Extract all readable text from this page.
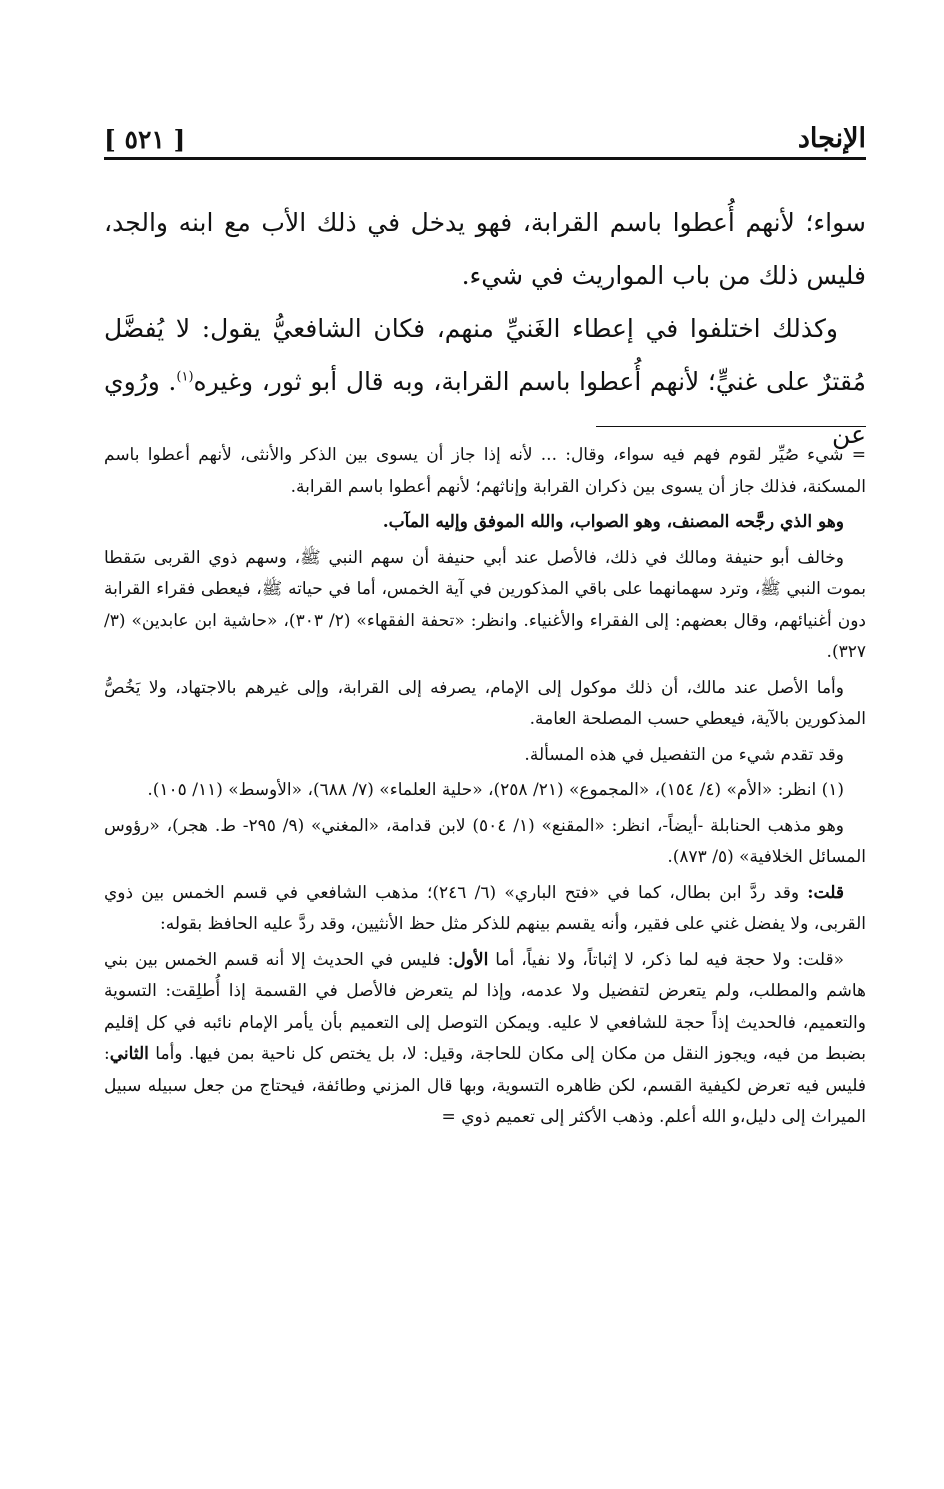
الإنجاد
[ ٥٢١ ]

سواء؛ لأنهم أُعطوا باسم القرابة، فهو يدخل في ذلك الأب مع ابنه والجد، فليس ذلك من باب المواريث في شيء.

وكذلك اختلفوا في إعطاء الغَنيِّ منهم، فكان الشافعيُّ يقول: لا يُفضَّل مُقترٌ على غنيٍّ؛ لأنهم أُعطوا باسم القرابة، وبه قال أبو ثور، وغيره$^{(١)}$. ورُوي عن

= شيء صُيِّر لقوم فهم فيه سواء، وقال: ... لأنه إذا جاز أن يسوى بين الذكر والأنثى، لأنهم أعطوا باسم المسكنة، فذلك جاز أن يسوى بين ذكران القرابة وإناثهم؛ لأنهم أعطوا باسم القرابة.

وهو الذي رجَّحه المصنف، وهو الصواب، والله الموفق وإليه المآب.

وخالف أبو حنيفة ومالك في ذلك، فالأصل عند أبي حنيفة أن سهم النبي ﷺ، وسهم ذوي القربى سَقطا بموت النبي ﷺ، وترد سهمانهما على باقي المذكورين في آية الخمس، أما في حياته ﷺ، فيعطى فقراء القرابة دون أغنيائهم، وقال بعضهم: إلى الفقراء والأغنياء. وانظر: «تحفة الفقهاء» (٢/ ٣٠٣)، «حاشية ابن عابدين» (٣/ ٣٢٧).

وأما الأصل عند مالك، أن ذلك موكول إلى الإمام، يصرفه إلى القرابة، وإلى غيرهم بالاجتهاد، ولا يَخُصُّ المذكورين بالآية، فيعطي حسب المصلحة العامة.

وقد تقدم شيء من التفصيل في هذه المسألة.

(١) انظر: «الأم» (٤/ ١٥٤)، «المجموع» (٢١/ ٢٥٨)، «حلية العلماء» (٧/ ٦٨٨)، «الأوسط» (١١/ ١٠٥).

وهو مذهب الحنابلة -أيضاً-، انظر: «المقنع» (١/ ٥٠٤) لابن قدامة، «المغني» (٩/ ٢٩٥- ط. هجر)، «رؤوس المسائل الخلافية» (٥/ ٨٧٣).

قلت: وقد ردَّ ابن بطال، كما في «فتح الباري» (٦/ ٢٤٦)؛ مذهب الشافعي في قسم الخمس بين ذوي القربى، ولا يفضل غني على فقير، وأنه يقسم بينهم للذكر مثل حظ الأنثيين، وقد ردَّ عليه الحافظ بقوله:

«قلت: ولا حجة فيه لما ذكر، لا إثباتاً، ولا نفياً، أما الأول: فليس في الحديث إلا أنه قسم الخمس بين بني هاشم والمطلب، ولم يتعرض لتفضيل ولا عدمه، وإذا لم يتعرض فالأصل في القسمة إذا أُطلِقت: التسوية والتعميم، فالحديث إذاً حجة للشافعي لا عليه. ويمكن التوصل إلى التعميم بأن يأمر الإمام نائبه في كل إقليم بضبط من فيه، ويجوز النقل من مكان إلى مكان للحاجة، وقيل: لا، بل يختص كل ناحية بمن فيها. وأما الثاني: فليس فيه تعرض لكيفية القسم، لكن ظاهره التسوية، وبها قال المزني وطائفة، فيحتاج من جعل سبيله سبيل الميراث إلى دليل،و الله أعلم. وذهب الأكثر إلى تعميم ذوي =
